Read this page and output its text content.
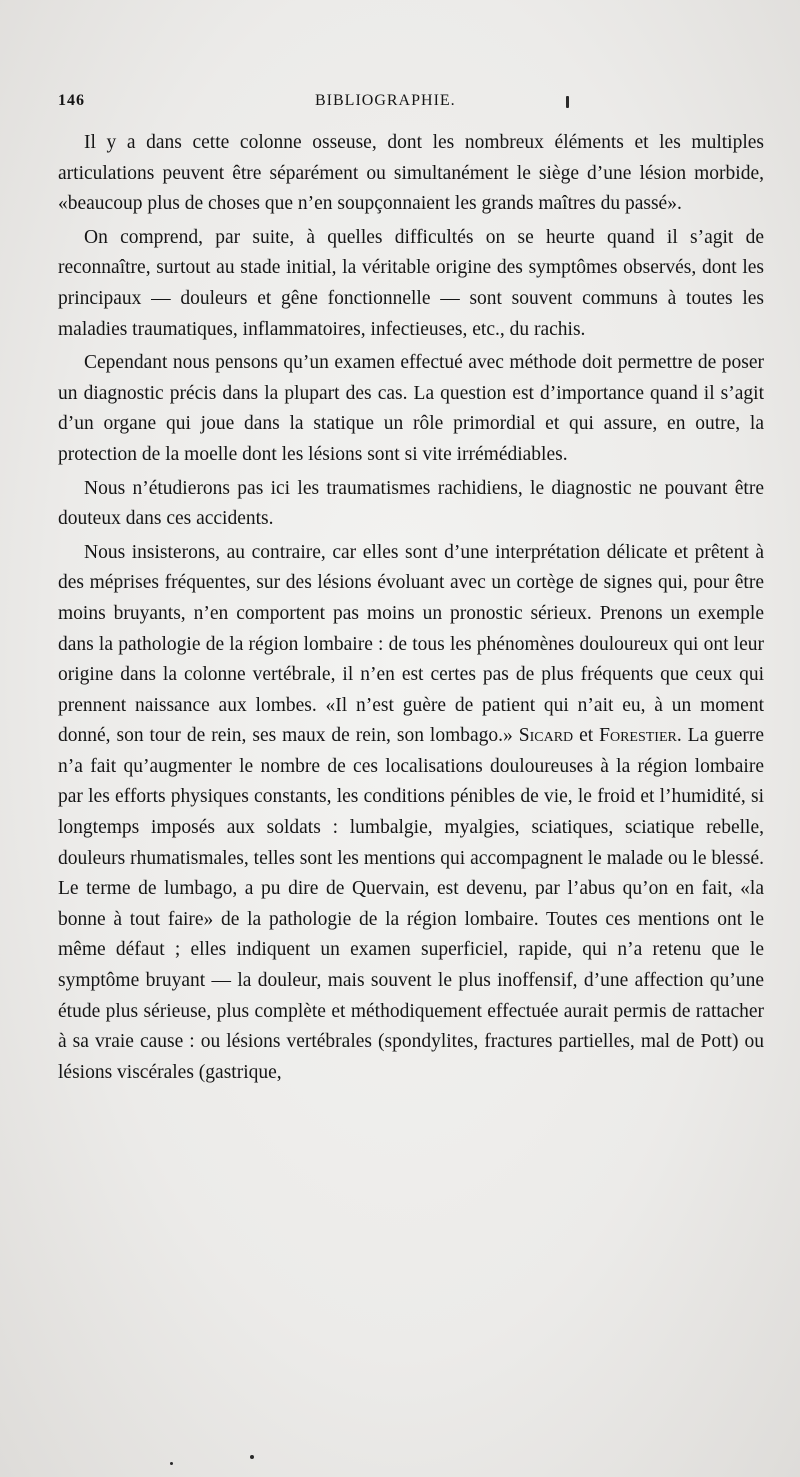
146	BIBLIOGRAPHIE.

Il y a dans cette colonne osseuse, dont les nombreux éléments et les multiples articulations peuvent être séparément ou simultanément le siège d’une lésion morbide, «beaucoup plus de choses que n’en soupçonnaient les grands maîtres du passé».

On comprend, par suite, à quelles difficultés on se heurte quand il s’agit de reconnaître, surtout au stade initial, la véritable origine des symptômes observés, dont les principaux — douleurs et gêne fonctionnelle — sont souvent communs à toutes les maladies traumatiques, inflammatoires, infectieuses, etc., du rachis.

Cependant nous pensons qu’un examen effectué avec méthode doit permettre de poser un diagnostic précis dans la plupart des cas. La question est d’importance quand il s’agit d’un organe qui joue dans la statique un rôle primordial et qui assure, en outre, la protection de la moelle dont les lésions sont si vite irrémédiables.

Nous n’étudierons pas ici les traumatismes rachidiens, le diagnostic ne pouvant être douteux dans ces accidents.

Nous insisterons, au contraire, car elles sont d’une interprétation délicate et prêtent à des méprises fréquentes, sur des lésions évoluant avec un cortège de signes qui, pour être moins bruyants, n’en comportent pas moins un pronostic sérieux. Prenons un exemple dans la pathologie de la région lombaire : de tous les phénomènes douloureux qui ont leur origine dans la colonne vertébrale, il n’en est certes pas de plus fréquents que ceux qui prennent naissance aux lombes. «Il n’est guère de patient qui n’ait eu, à un moment donné, son tour de rein, ses maux de rein, son lombago.» Sicard et Forestier. La guerre n’a fait qu’augmenter le nombre de ces localisations douloureuses à la région lombaire par les efforts physiques constants, les conditions pénibles de vie, le froid et l’humidité, si longtemps imposés aux soldats : lumbalgie, myalgies, sciatiques, sciatique rebelle, douleurs rhumatismales, telles sont les mentions qui accompagnent le malade ou le blessé. Le terme de lumbago, a pu dire de Quervain, est devenu, par l’abus qu’on en fait, «la bonne à tout faire» de la pathologie de la région lombaire. Toutes ces mentions ont le même défaut ; elles indiquent un examen superficiel, rapide, qui n’a retenu que le symptôme bruyant — la douleur, mais souvent le plus inoffensif, d’une affection qu’une étude plus sérieuse, plus complète et méthodiquement effectuée aurait permis de rattacher à sa vraie cause : ou lésions vertébrales (spondylites, fractures partielles, mal de Pott) ou lésions viscérales (gastrique,
